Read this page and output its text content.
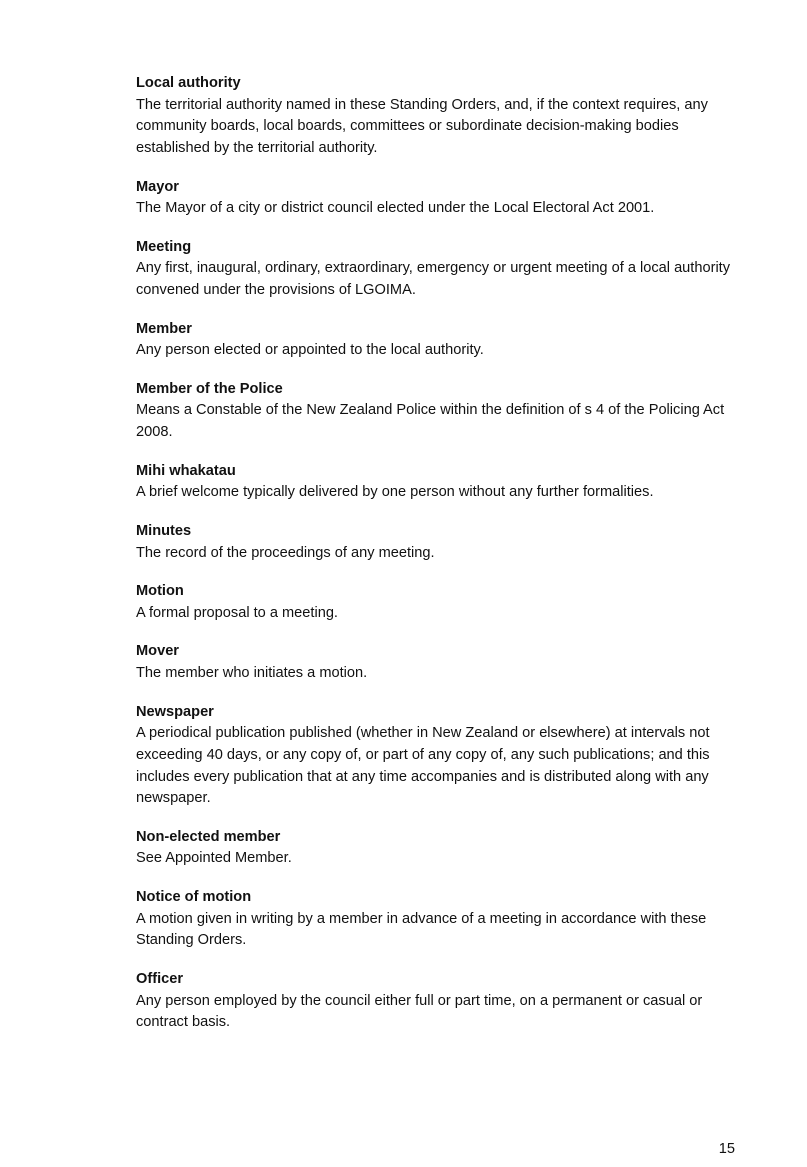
Local authority
The territorial authority named in these Standing Orders, and, if the context requires, any community boards, local boards, committees or subordinate decision-making bodies established by the territorial authority.
Mayor
The Mayor of a city or district council elected under the Local Electoral Act 2001.
Meeting
Any first, inaugural, ordinary, extraordinary, emergency or urgent meeting of a local authority convened under the provisions of LGOIMA.
Member
Any person elected or appointed to the local authority.
Member of the Police
Means a Constable of the New Zealand Police within the definition of s 4 of the Policing Act 2008.
Mihi whakatau
A brief welcome typically delivered by one person without any further formalities.
Minutes
The record of the proceedings of any meeting.
Motion
A formal proposal to a meeting.
Mover
The member who initiates a motion.
Newspaper
A periodical publication published (whether in New Zealand or elsewhere) at intervals not exceeding 40 days, or any copy of, or part of any copy of, any such publications; and this includes every publication that at any time accompanies and is distributed along with any newspaper.
Non-elected member
See Appointed Member.
Notice of motion
A motion given in writing by a member in advance of a meeting in accordance with these Standing Orders.
Officer
Any person employed by the council either full or part time, on a permanent or casual or contract basis.
15
